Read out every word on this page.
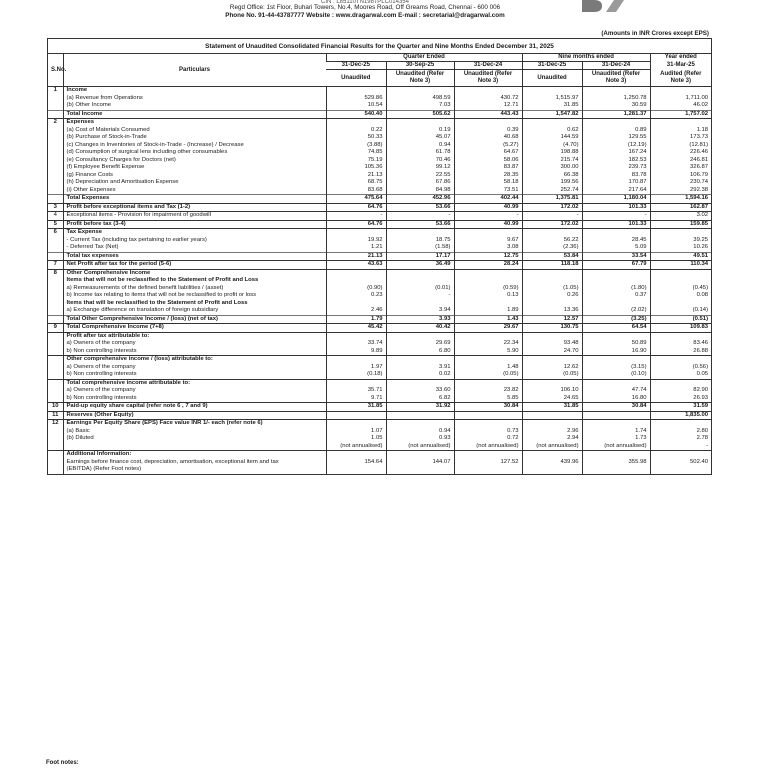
CIN : L85110TN1987PLC014354
Regd Office: 1st Floor, Buhari Towers, No.4, Moores Road, Off Greams Road, Chennai - 600 006
Phone No. 91-44-43787777 Website : www.dragarwal.com E-mail : secretarial@dragarwal.com
(Amounts in INR Crores except EPS)
Statement of Unaudited Consolidated Financial Results for the Quarter and Nine Months Ended December 31, 2025
S.No.	Particulars	Quarter Ended			Nine months ended		Year ended
		31-Dec-25	30-Sep-25	31-Dec-24	31-Dec-25	31-Dec-24	31-Mar-25
		Unaudited	Unaudited (Refer Note 3)	Unaudited (Refer Note 3)	Unaudited	Unaudited (Refer Note 3)	Audited (Refer Note 3)
1	Income						
	(a) Revenue from Operations	529.86	498.59	430.72	1,515.97	1,250.78	1,711.00
	(b) Other Income	10.54	7.03	12.71	31.85	30.59	46.02
	Total Income	540.40	505.62	443.43	1,547.82	1,281.37	1,757.02

2	Expenses						
	(a) Cost of Materials Consumed	0.22	0.19	0.39	0.62	0.89	1.18
	(b) Purchase of Stock-in-Trade	50.33	45.07	40.68	144.59	129.55	173.73
	(c) Changes in Inventories of Stock-in-Trade - (Increase) / Decrease	(3.88)	0.94	(5.27)	(4.70)	(12.19)	(12.81)
	(d) Consumption of surgical lens including other consumables	74.85	61.78	64.67	198.88	167.24	226.46
	(e) Consultancy Charges for Doctors (net)	75.19	70.46	58.06	215.74	182.53	246.81
	(f) Employee Benefit Expense	105.36	99.12	83.87	300.00	239.73	326.87
	(g) Finance Costs	21.13	22.55	28.35	66.38	83.78	106.79
	(h) Depreciation and Amortisation Expense	68.75	67.86	58.18	199.56	170.87	230.74
	(i) Other Expenses	83.68	84.98	73.51	252.74	217.64	292.38
	Total Expenses	475.64	452.96	402.44	1,375.81	1,180.04	1,594.16

3	Profit before exceptional items and Tax (1-2)	64.76	53.66	40.99	172.02	101.33	162.87

4	Exceptional items - Provision for impairment of goodwill	-	-	-	-	-	3.02

5	Profit before tax (3-4)	64.76	53.66	40.99	172.02	101.33	159.85

6	Tax Expense						
	- Current Tax (including tax pertaining to earlier years)	19.92	18.75	9.67	56.22	28.45	39.25
	- Deferred Tax (Net)	1.21	(1.58)	3.08	(2.36)	5.09	10.26
	Total tax expenses	21.13	17.17	12.75	53.84	33.54	49.51

7	Net Profit after tax for the period (5-6)	43.63	36.49	28.24	118.18	67.79	110.34

8	Other Comprehensive Income						
	Items that will not be reclassified to the Statement of Profit and Loss						
	a) Remeasurements of the defined benefit liabilities / (asset)	(0.90)	(0.01)	(0.59)	(1.05)	(1.80)	(0.45)
	b) Income tax relating to items that will not be reclassified to profit or loss	0.23	-	0.13	0.26	0.37	0.08
	Items that will be reclassified to the Statement of Profit and Loss						
	a) Exchange difference on translation of foreign subsidiary	2.46	3.94	1.89	13.36	(2.02)	(0.14)

	Total Other Comprehensive Income / (loss) (net of tax)	1.79	3.93	1.43	12.57	(3.25)	(0.51)

9	Total Comprehensive Income (7+8)	45.42	40.42	29.67	130.75	64.54	109.83

	Profit after tax attributable to:						
	a) Owners of the company	33.74	29.69	22.34	93.48	50.89	83.46
	b) Non controlling interests	9.89	6.80	5.90	24.70	16.90	26.88

	Other comprehensive income / (loss) attributable to:						
	a) Owners of the company	1.97	3.91	1.48	12.62	(3.15)	(0.56)
	b) Non controlling interests	(0.18)	0.02	(0.05)	(0.05)	(0.10)	0.05

	Total comprehensive income attributable to:						
	a) Owners of the company	35.71	33.60	23.82	106.10	47.74	82.90
	b) Non controlling interests	9.71	6.82	5.85	24.65	16.80	26.93

10	Paid-up equity share capital (refer note 6 , 7 and 9)	31.85	31.92	30.84	31.85	30.84	31.59

11	Reserves (Other Equity)						1,835.00

12	Earnings Per Equity Share (EPS) Face value INR 1/- each (refer note 6)						
	(a) Basic	1.07	0.94	0.73	2.96	1.74	2.80
	(b) Diluted	1.05	0.93	0.72	2.94	1.73	2.78
		(not annualised)	(not annualised)	(not annualised)	(not annualised)	(not annualised)	-
	Additional Information:						
	Earnings before finance cost, depreciation, amortisation, exceptional item and tax	154.64	144.07	127.52	439.96	355.98	502.40
	(EBITDA) (Refer Foot notes)						
Foot notes:
